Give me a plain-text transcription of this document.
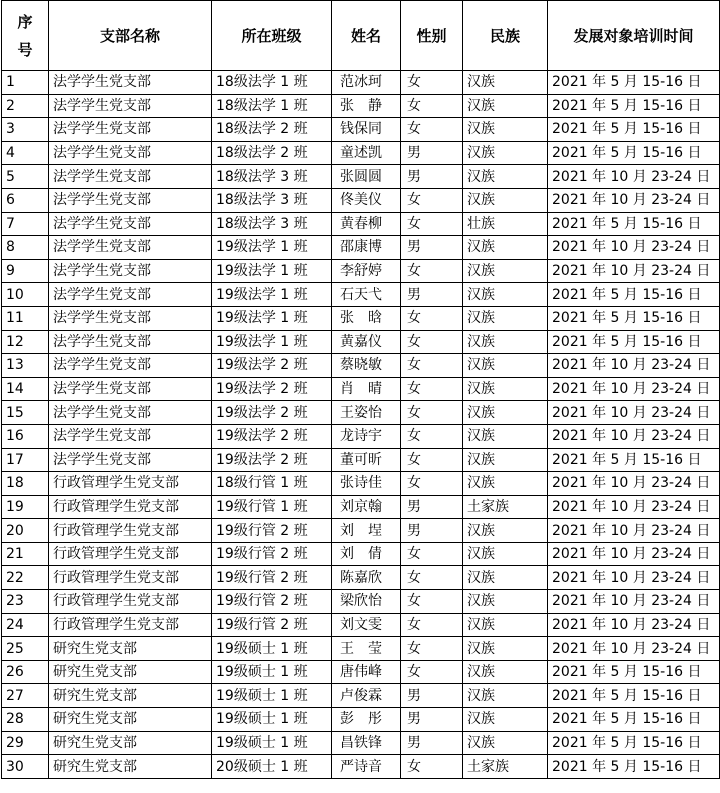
序
号	支部名称	所在班级	姓名	性别	民族	发展对象培训时间
1	法学学生党支部	18级法学 1 班	范冰珂	女	汉族	2021 年 5 月 15-16 日
2	法学学生党支部	18级法学 1 班	张　静	女	汉族	2021 年 5 月 15-16 日
3	法学学生党支部	18级法学 2 班	钱保同	女	汉族	2021 年 5 月 15-16 日
4	法学学生党支部	18级法学 2 班	童述凯	男	汉族	2021 年 5 月 15-16 日
5	法学学生党支部	18级法学 3 班	张圆圆	男	汉族	2021 年 10 月 23-24 日
6	法学学生党支部	18级法学 3 班	佟美仪	女	汉族	2021 年 10 月 23-24 日
7	法学学生党支部	18级法学 3 班	黄春柳	女	壮族	2021 年 5 月 15-16 日
8	法学学生党支部	19级法学 1 班	邵康博	男	汉族	2021 年 10 月 23-24 日
9	法学学生党支部	19级法学 1 班	李舒婷	女	汉族	2021 年 10 月 23-24 日
10	法学学生党支部	19级法学 1 班	石天弋	男	汉族	2021 年 5 月 15-16 日
11	法学学生党支部	19级法学 1 班	张　晗	女	汉族	2021 年 5 月 15-16 日
12	法学学生党支部	19级法学 1 班	黄嘉仪	女	汉族	2021 年 5 月 15-16 日
13	法学学生党支部	19级法学 2 班	蔡晓敏	女	汉族	2021 年 10 月 23-24 日
14	法学学生党支部	19级法学 2 班	肖　晴	女	汉族	2021 年 10 月 23-24 日
15	法学学生党支部	19级法学 2 班	王姿怡	女	汉族	2021 年 10 月 23-24 日
16	法学学生党支部	19级法学 2 班	龙诗宇	女	汉族	2021 年 10 月 23-24 日
17	法学学生党支部	19级法学 2 班	董可昕	女	汉族	2021 年 5 月 15-16 日
18	行政管理学生党支部	18级行管 1 班	张诗佳	女	汉族	2021 年 10 月 23-24 日
19	行政管理学生党支部	19级行管 1 班	刘京翰	男	土家族	2021 年 10 月 23-24 日
20	行政管理学生党支部	19级行管 2 班	刘　埕	男	汉族	2021 年 10 月 23-24 日
21	行政管理学生党支部	19级行管 2 班	刘　倩	女	汉族	2021 年 10 月 23-24 日
22	行政管理学生党支部	19级行管 2 班	陈嘉欣	女	汉族	2021 年 10 月 23-24 日
23	行政管理学生党支部	19级行管 2 班	梁欣怡	女	汉族	2021 年 10 月 23-24 日
24	行政管理学生党支部	19级行管 2 班	刘文雯	女	汉族	2021 年 10 月 23-24 日
25	研究生党支部	19级硕士 1 班	王　莹	女	汉族	2021 年 10 月 23-24 日
26	研究生党支部	19级硕士 1 班	唐伟峰	女	汉族	2021 年 5 月 15-16 日
27	研究生党支部	19级硕士 1 班	卢俊霖	男	汉族	2021 年 5 月 15-16 日
28	研究生党支部	19级硕士 1 班	彭　彤	男	汉族	2021 年 5 月 15-16 日
29	研究生党支部	19级硕士 1 班	昌铁锋	男	汉族	2021 年 5 月 15-16 日
30	研究生党支部	20级硕士 1 班	严诗音	女	土家族	2021 年 5 月 15-16 日
